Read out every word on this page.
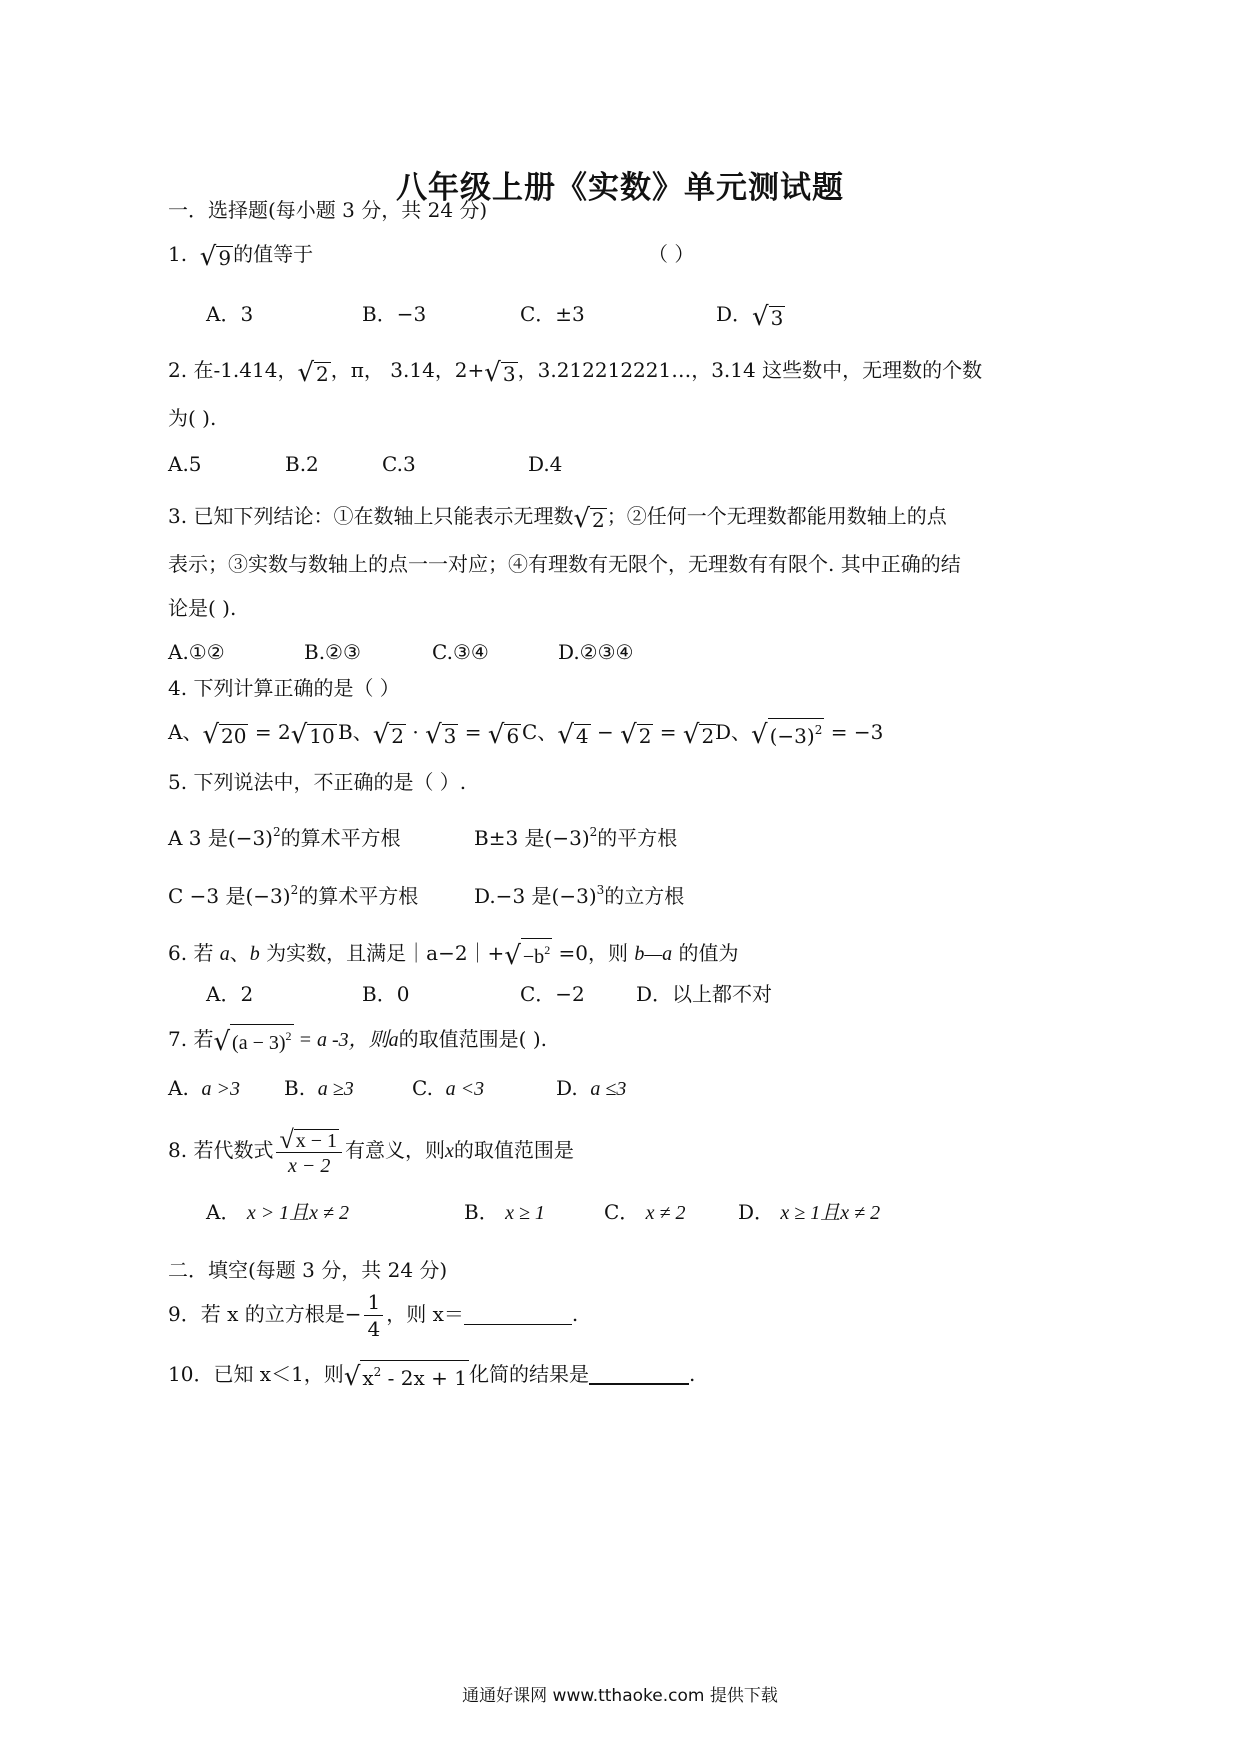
八年级上册《实数》单元测试题
一．选择题(每小题 3 分，共 24 分)
1. √ 9 的值等于	（ ）
A．3	B．−3	C．±3	D． √ 3
2. 在-1.414， √ 2 ，π， 3.14，2+ √ 3 ，3.212212221…，3.14 这些数中，无理数的个数
为( ).
A.5	B.2	C.3	D.4
3. 已知下列结论：①在数轴上只能表示无理数 √ 2 ；②任何一个无理数都能用数轴上的点
表示；③实数与数轴上的点一一对应；④有理数有无限个，无理数有有限个. 其中正确的结
论是( ).
A.①②	B.②③	C.③④	D.②③④
4. 下列计算正确的是（ ）
A、 √ 20 = 2 √ 10 B、 √ 2 · √ 3 = √ 6 C、 √ 4 − √ 2 = √ 2 D、 √ $(-3)^2 = -3$
5. 下列说法中，不正确的是（ ）.
A 3 是$(-3)^2$的算术平方根	B±3 是$(-3)^2$的平方根
C −3 是$(-3)^2$的算术平方根	D.−3 是$(-3)^3$的立方根
6. 若 a、b 为实数，且满足｜a−2｜+ √ $-b^2 =0$，则 b—a 的值为
A．2	B．0	C．−2	D．以上都不对
7. 若 √ $(a - 3)^2 = a$ -3，则a的取值范围是( ).
A. a >3 B. a ≥3	C. a <3	D. a ≤3
8. 若代数式 $\frac{√ x - 1}{x - 2}$ 有意义，则x的取值范围是
A． x > 1且x ≠ 2	B． x ≥ 1	C． x ≠ 2	D． x ≥ 1且x ≠ 2
二．填空(每题 3 分，共 24 分)
9．若 x 的立方根是− $\frac{1}{4}$ ，则 x＝	.
10．已知 x＜1，则 √ $x^2 - 2x + 1$ 化简的结果是	.
通通好课网 www.tthaoke.com 提供下载
